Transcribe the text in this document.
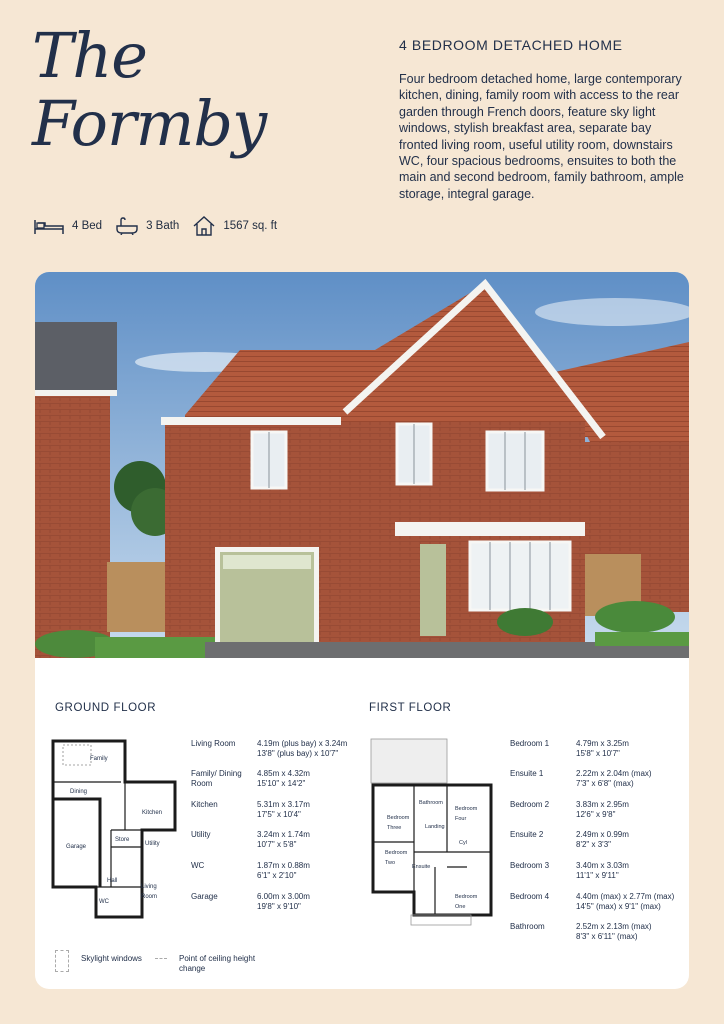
The
Formby
4 BEDROOM DETACHED HOME
Four bedroom detached home, large contemporary kitchen, dining, family room with access to the rear garden through French doors, feature sky light windows, stylish breakfast area, separate bay fronted living room, useful utility room, downstairs WC, four spacious bedrooms, ensuites to both the main and second bedroom, family bathroom, ample storage, integral garage.
4 Bed	3 Bath	1567 sq. ft
GROUND FLOOR
Family
Dining
Kitchen
Garage	Utility
Store
Hall
WC
Living Room
Living Room	4.19m (plus bay) x 3.24m
13'8" (plus bay) x 10'7"
Family/ Dining Room
4.85m x 4.32m
15'10" x 14'2"
Kitchen	5.31m x 3.17m
17'5" x 10'4"
Utility	3.24m x 1.74m
10'7" x 5'8"
WC	1.87m x 0.88m
6'1" x 2'10"
Garage	6.00m x 3.00m
19'8" x 9'10"
FIRST FLOOR
Bathroom
Bedroom Three
Bedroom Four
Landing
Cyl
Bedroom Two
Ensuite
Bedroom One
Bedroom 1	4.79m x 3.25m
15'8" x 10'7"
Ensuite 1	2.22m x 2.04m (max)
7'3" x 6'8" (max)
Bedroom 2	3.83m x 2.95m
12'6" x 9'8"
Ensuite 2	2.49m x 0.99m
8'2" x 3'3"
Bedroom 3	3.40m x 3.03m
11'1" x 9'11"
Bedroom 4	4.40m (max) x 2.77m (max)
14'5" (max) x 9'1" (max)
Bathroom	2.52m x 2.13m (max)
8'3" x 6'11" (max)
Skylight windows	Point of ceiling height change
